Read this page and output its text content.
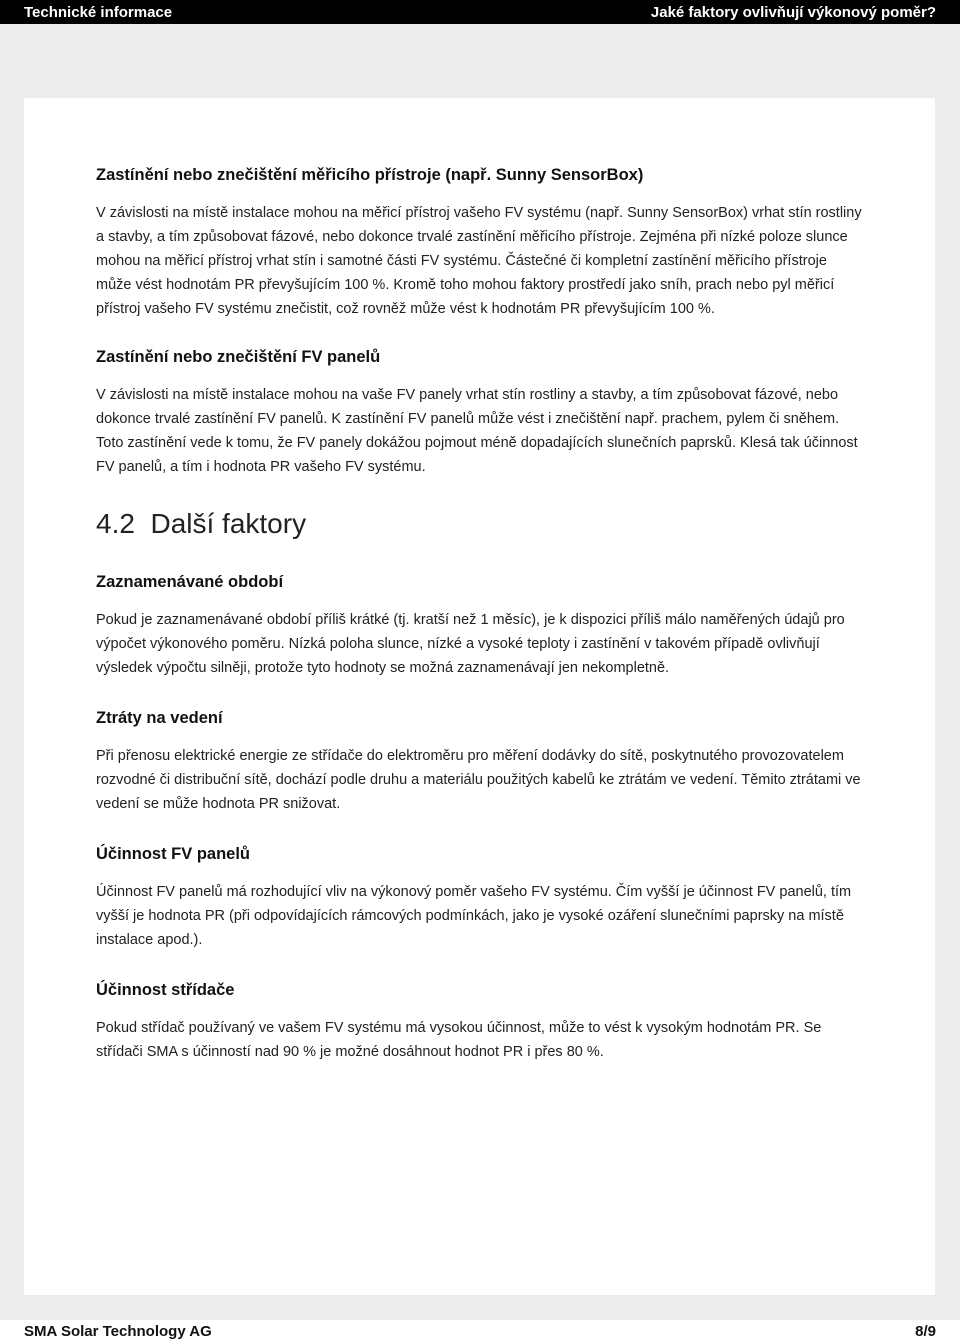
Technické informace	Jaké faktory ovlivňují výkonový poměr?
Zastínění nebo znečištění měřicího přístroje (např. Sunny SensorBox)

V závislosti na místě instalace mohou na měřicí přístroj vašeho FV systému (např. Sunny SensorBox) vrhat stín rostliny a stavby, a tím způsobovat fázové, nebo dokonce trvalé zastínění měřicího přístroje. Zejména při nízké poloze slunce mohou na měřicí přístroj vrhat stín i samotné části FV systému. Částečné či kompletní zastínění měřicího přístroje může vést hodnotám PR převyšujícím 100 %. Kromě toho mohou faktory prostředí jako sníh, prach nebo pyl měřicí přístroj vašeho FV systému znečistit, což rovněž může vést k hodnotám PR převyšujícím 100 %.

Zastínění nebo znečištění FV panelů

V závislosti na místě instalace mohou na vaše FV panely vrhat stín rostliny a stavby, a tím způsobovat fázové, nebo dokonce trvalé zastínění FV panelů. K zastínění FV panelů může vést i znečištění např. prachem, pylem či sněhem. Toto zastínění vede k tomu, že FV panely dokážou pojmout méně dopadajících slunečních paprsků. Klesá tak účinnost FV panelů, a tím i hodnota PR vašeho FV systému.

4.2  Další faktory
Zaznamenávané období

Pokud je zaznamenávané období příliš krátké (tj. kratší než 1 měsíc), je k dispozici příliš málo naměřených údajů pro výpočet výkonového poměru. Nízká poloha slunce, nízké a vysoké teploty i zastínění v takovém případě ovlivňují výsledek výpočtu silněji, protože tyto hodnoty se možná zaznamenávají jen nekompletně.

Ztráty na vedení

Při přenosu elektrické energie ze střídače do elektroměru pro měření dodávky do sítě, poskytnutého provozovatelem rozvodné či distribuční sítě, dochází podle druhu a materiálu použitých kabelů ke ztrátám ve vedení. Těmito ztrátami ve vedení se může hodnota PR snižovat.

Účinnost FV panelů

Účinnost FV panelů má rozhodující vliv na výkonový poměr vašeho FV systému. Čím vyšší je účinnost FV panelů, tím vyšší je hodnota PR (při odpovídajících rámcových podmínkách, jako je vysoké ozáření slunečními paprsky na místě instalace apod.).

Účinnost střídače

Pokud střídač používaný ve vašem FV systému má vysokou účinnost, může to vést k vysokým hodnotám PR. Se střídači SMA s účinností nad 90 % je možné dosáhnout hodnot PR i přes 80 %.

SMA Solar Technology AG	8/9
